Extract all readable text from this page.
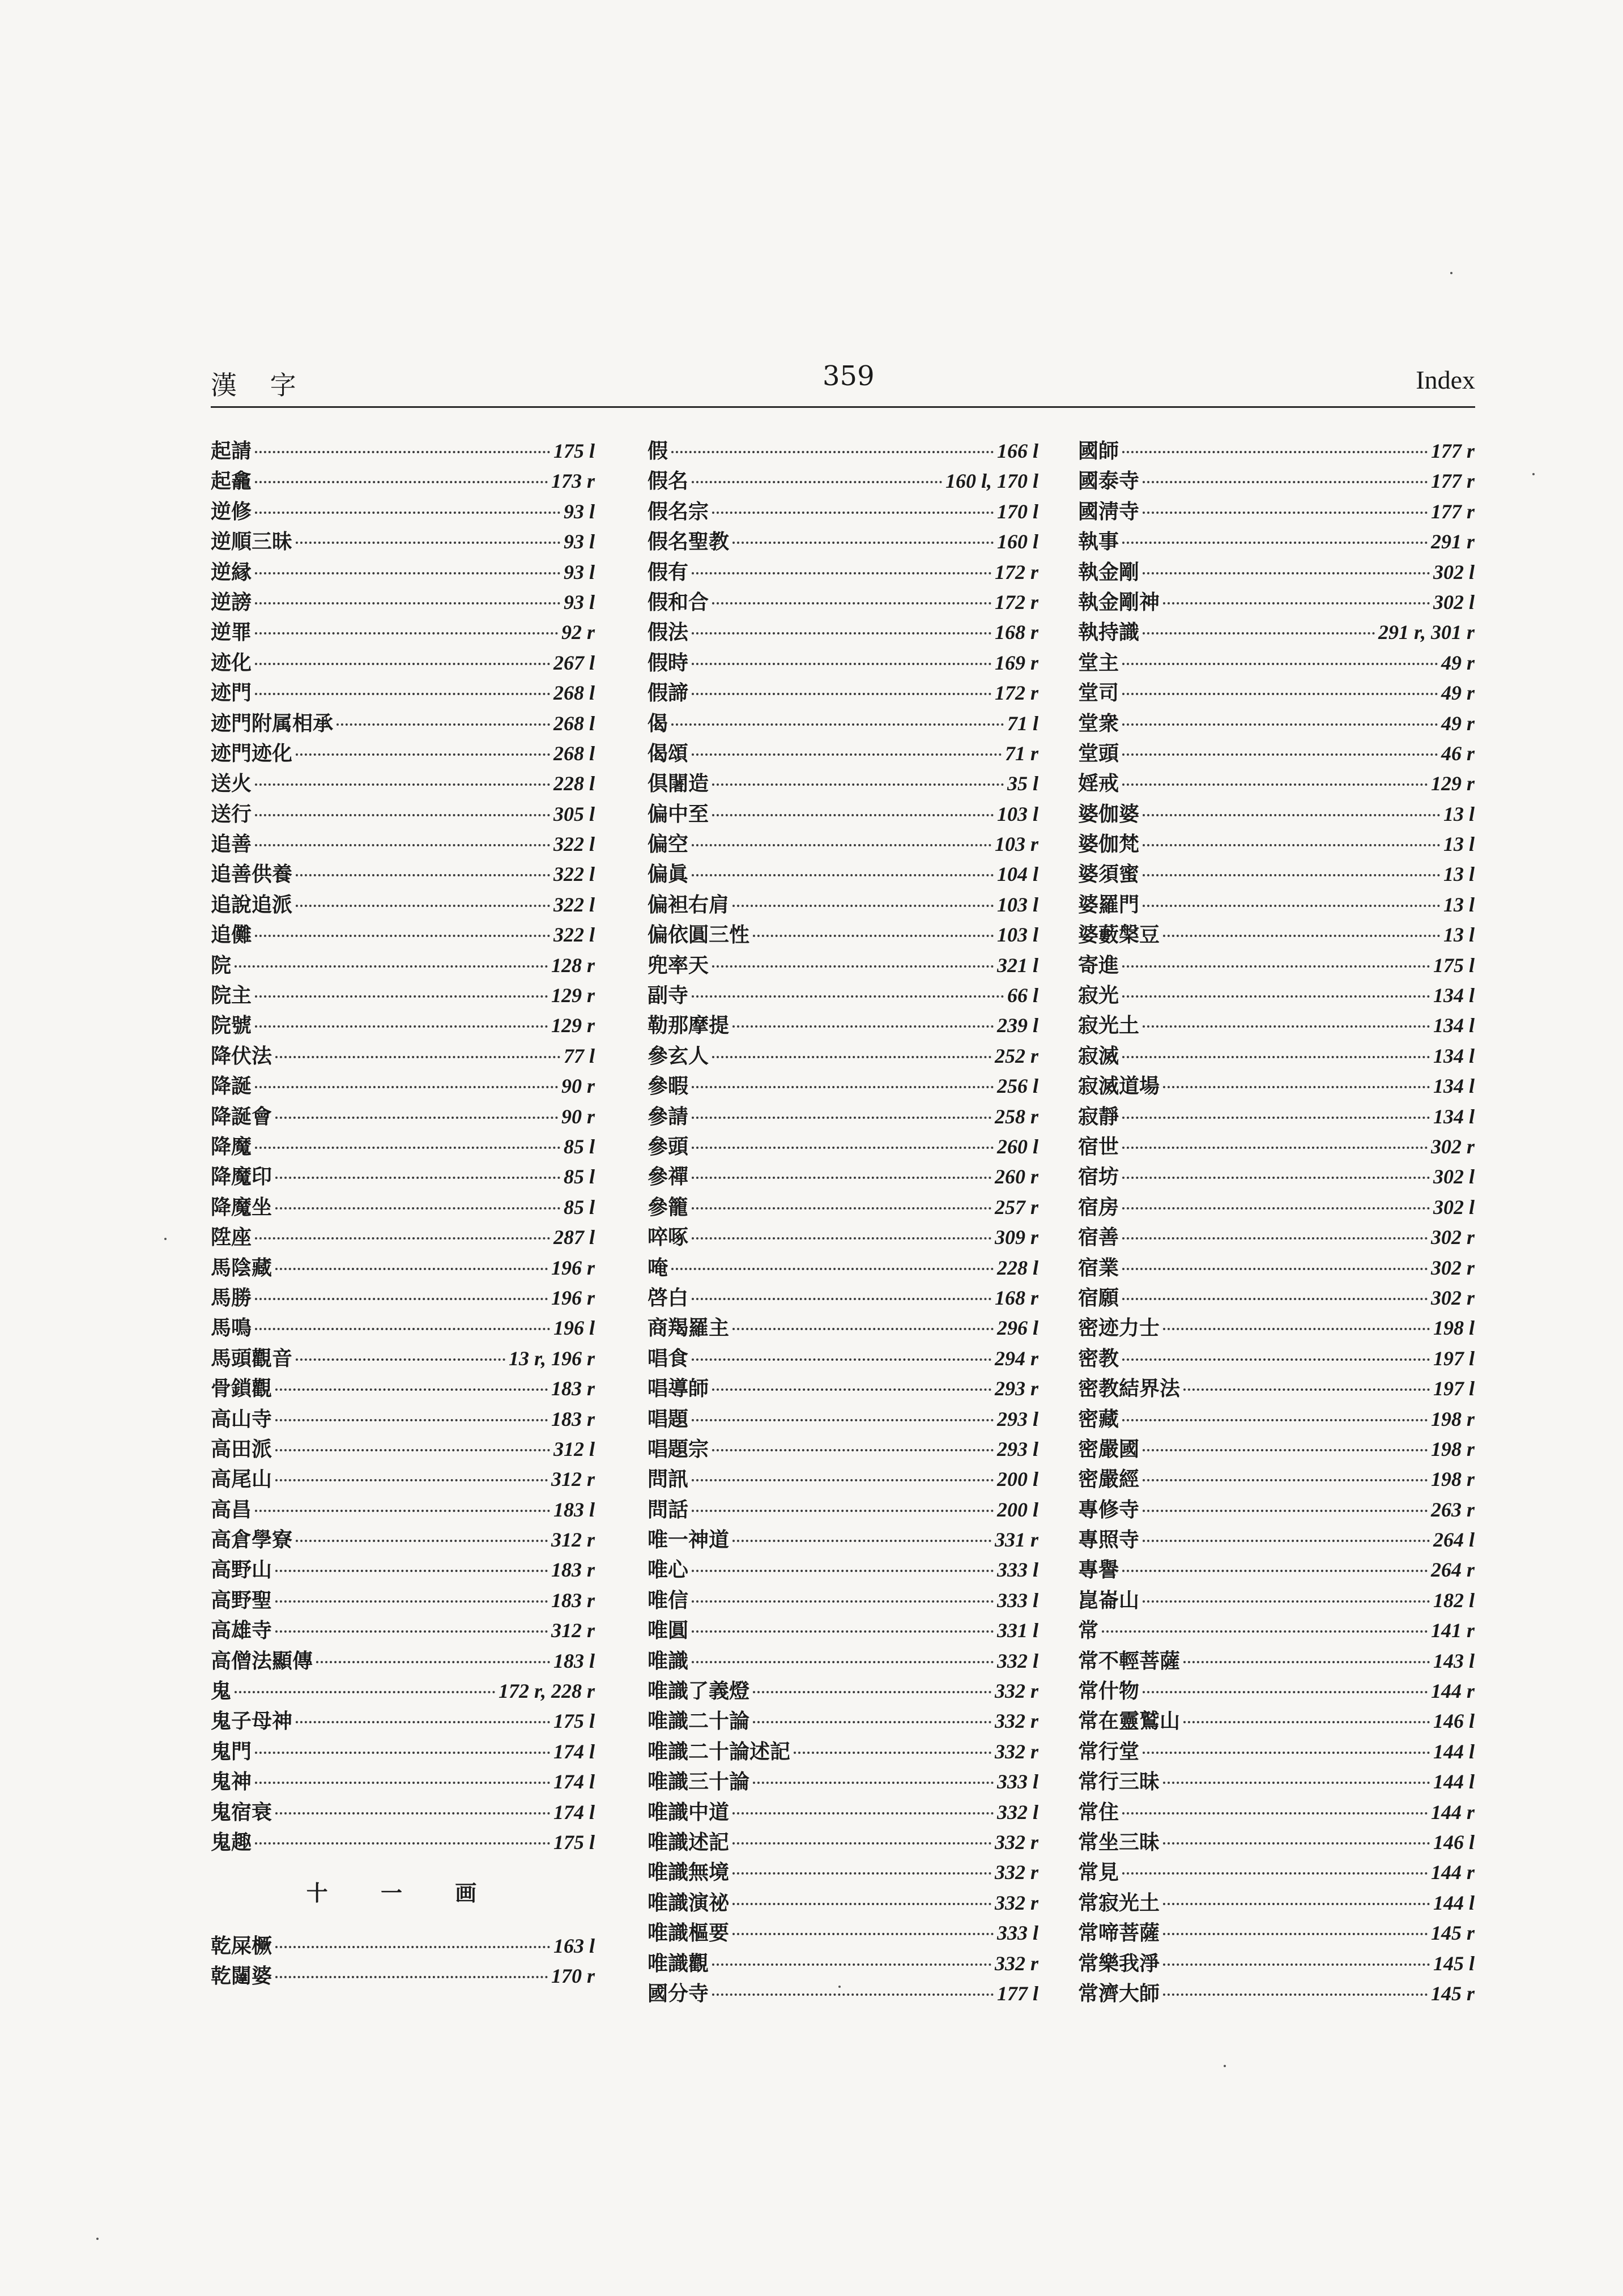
漢 字	359	Index
起請	175 l
起龕	173 r
逆修	93 l
逆順三昧	93 l
逆縁	93 l
逆謗	93 l
逆罪	92 r
迹化	267 l
迹門	268 l
迹門附属相承	268 l
迹門迹化	268 l
送火	228 l
送行	305 l
追善	322 l
追善供養	322 l
追說追派	322 l
追儺	322 l
院	128 r
院主	129 r
院號	129 r
降伏法	77 l
降誕	90 r
降誕會	90 r
降魔	85 l
降魔印	85 l
降魔坐	85 l
陞座	287 l
馬陰藏	196 r
馬勝	196 r
馬鳴	196 l
馬頭觀音	13 r, 196 r
骨鎖觀	183 r
高山寺	183 r
高田派	312 l
高尾山	312 r
高昌	183 l
高倉學寮	312 r
高野山	183 r
高野聖	183 r
高雄寺	312 r
高僧法顯傳	183 l
鬼	172 r, 228 r
鬼子母神	175 l
鬼門	174 l
鬼神	174 l
鬼宿衰	174 l
鬼趣	175 l
十 一 画
乾屎橛	163 l
乾闥婆	170 r
假	166 l
假名	160 l, 170 l
假名宗	170 l
假名聖教	160 l
假有	172 r
假和合	172 r
假法	168 r
假時	169 r
假諦	172 r
偈	71 l
偈頌	71 r
倶闍造	35 l
偏中至	103 l
偏空	103 r
偏眞	104 l
偏袒右肩	103 l
偏依圓三性	103 l
兜率天	321 l
副寺	66 l
勒那摩提	239 l
參玄人	252 r
參暇	256 l
參請	258 r
參頭	260 l
參禪	260 r
參籠	257 r
啐啄	309 r
唵	228 l
啓白	168 r
商羯羅主	296 l
唱食	294 r
唱導師	293 r
唱題	293 l
唱題宗	293 l
問訊	200 l
問話	200 l
唯一神道	331 r
唯心	333 l
唯信	333 l
唯圓	331 l
唯識	332 l
唯識了義燈	332 r
唯識二十論	332 r
唯識二十論述記	332 r
唯識三十論	333 l
唯識中道	332 l
唯識述記	332 r
唯識無境	332 r
唯識演祕	332 r
唯識樞要	333 l
唯識觀	332 r
國分寺	177 l
國師	177 r
國泰寺	177 r
國淸寺	177 r
執事	291 r
執金剛	302 l
執金剛神	302 l
執持識	291 r, 301 r
堂主	49 r
堂司	49 r
堂衆	49 r
堂頭	46 r
婬戒	129 r
婆伽婆	13 l
婆伽梵	13 l
婆須蜜	13 l
婆羅門	13 l
婆藪槃豆	13 l
寄進	175 l
寂光	134 l
寂光土	134 l
寂滅	134 l
寂滅道場	134 l
寂靜	134 l
宿世	302 r
宿坊	302 l
宿房	302 l
宿善	302 r
宿業	302 r
宿願	302 r
密迹力士	198 l
密教	197 l
密教結界法	197 l
密藏	198 r
密嚴國	198 r
密嚴經	198 r
專修寺	263 r
專照寺	264 l
專譽	264 r
崑崙山	182 l
常	141 r
常不輕菩薩	143 l
常什物	144 r
常在靈鷲山	146 l
常行堂	144 l
常行三昧	144 l
常住	144 r
常坐三昧	146 l
常見	144 r
常寂光土	144 l
常啼菩薩	145 r
常樂我淨	145 l
常濟大師	145 r
